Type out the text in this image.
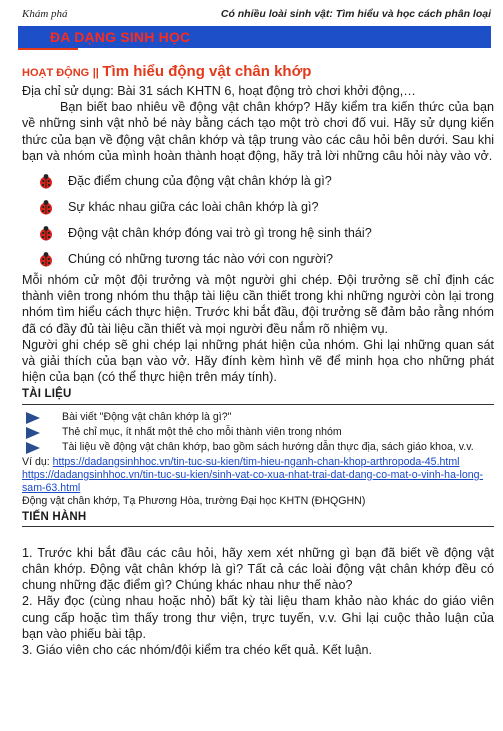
Khám phá	Có nhiều loài sinh vật: Tìm hiểu và học cách phân loại
ĐA DẠNG SINH HỌC
HOẠT ĐỘNG || Tìm hiểu động vật chân khớp

Địa chỉ sử dụng: Bài 31 sách KHTN 6, hoạt động trò chơi khởi động,…

Bạn biết bao nhiêu về động vật chân khớp? Hãy kiểm tra kiến thức của bạn về những sinh vật nhỏ bé này bằng cách tạo một trò chơi đố vui. Hãy sử dụng kiến thức của bạn về động vật chân khớp và tập trung vào các câu hỏi bên dưới. Sau khi bạn và nhóm của mình hoàn thành hoạt động, hãy trả lời những câu hỏi này vào vở.

Đặc điểm chung của động vật chân khớp là gì?
Sự khác nhau giữa các loài chân khớp là gì?
Động vật chân khớp đóng vai trò gì trong hệ sinh thái?
Chúng có những tương tác nào với con người?

Mỗi nhóm cử một đội trưởng và một người ghi chép. Đội trưởng sẽ chỉ định các thành viên trong nhóm thu thập tài liệu cần thiết trong khi những người còn lại trong nhóm tìm hiểu cách thực hiện. Trước khi bắt đầu, đội trưởng sẽ đảm bảo rằng nhóm đã có đầy đủ tài liệu cần thiết và mọi người đều nắm rõ nhiệm vụ.

Người ghi chép sẽ ghi chép lại những phát hiện của nhóm. Ghi lại những quan sát và giải thích của bạn vào vở. Hãy đính kèm hình vẽ để minh họa cho những phát hiện của bạn (có thể thực hiện trên máy tính).

TÀI LIỆU
Bài viết "Động vật chân khớp là gì?"
Thẻ chỉ mục, ít nhất một thẻ cho mỗi thành viên trong nhóm
Tài liệu về động vật chân khớp, bao gồm sách hướng dẫn thực địa, sách giáo khoa, v.v.
Ví dụ: https://dadangsinhhoc.vn/tin-tuc-su-kien/tim-hieu-nganh-chan-khop-arthropoda-45.html
https://dadangsinhhoc.vn/tin-tuc-su-kien/sinh-vat-co-xua-nhat-trai-dat-dang-co-mat-o-vinh-ha-long-sam-63.html
Động vật chân khớp, Tạ Phương Hòa, trường Đại học KHTN (ĐHQGHN)
TIẾN HÀNH

1. Trước khi bắt đầu các câu hỏi, hãy xem xét những gì bạn đã biết về động vật chân khớp. Động vật chân khớp là gì? Tất cả các loài động vật chân khớp đều có chung những đặc điểm gì? Chúng khác nhau như thế nào?

2. Hãy đọc (cùng nhau hoặc nhỏ) bất kỳ tài liệu tham khảo nào khác do giáo viên cung cấp hoặc tìm thấy trong thư viện, trực tuyến, v.v. Ghi lại cuộc thảo luận của bạn vào phiếu bài tập.

3. Giáo viên cho các nhóm/đội kiểm tra chéo kết quả. Kết luận.
